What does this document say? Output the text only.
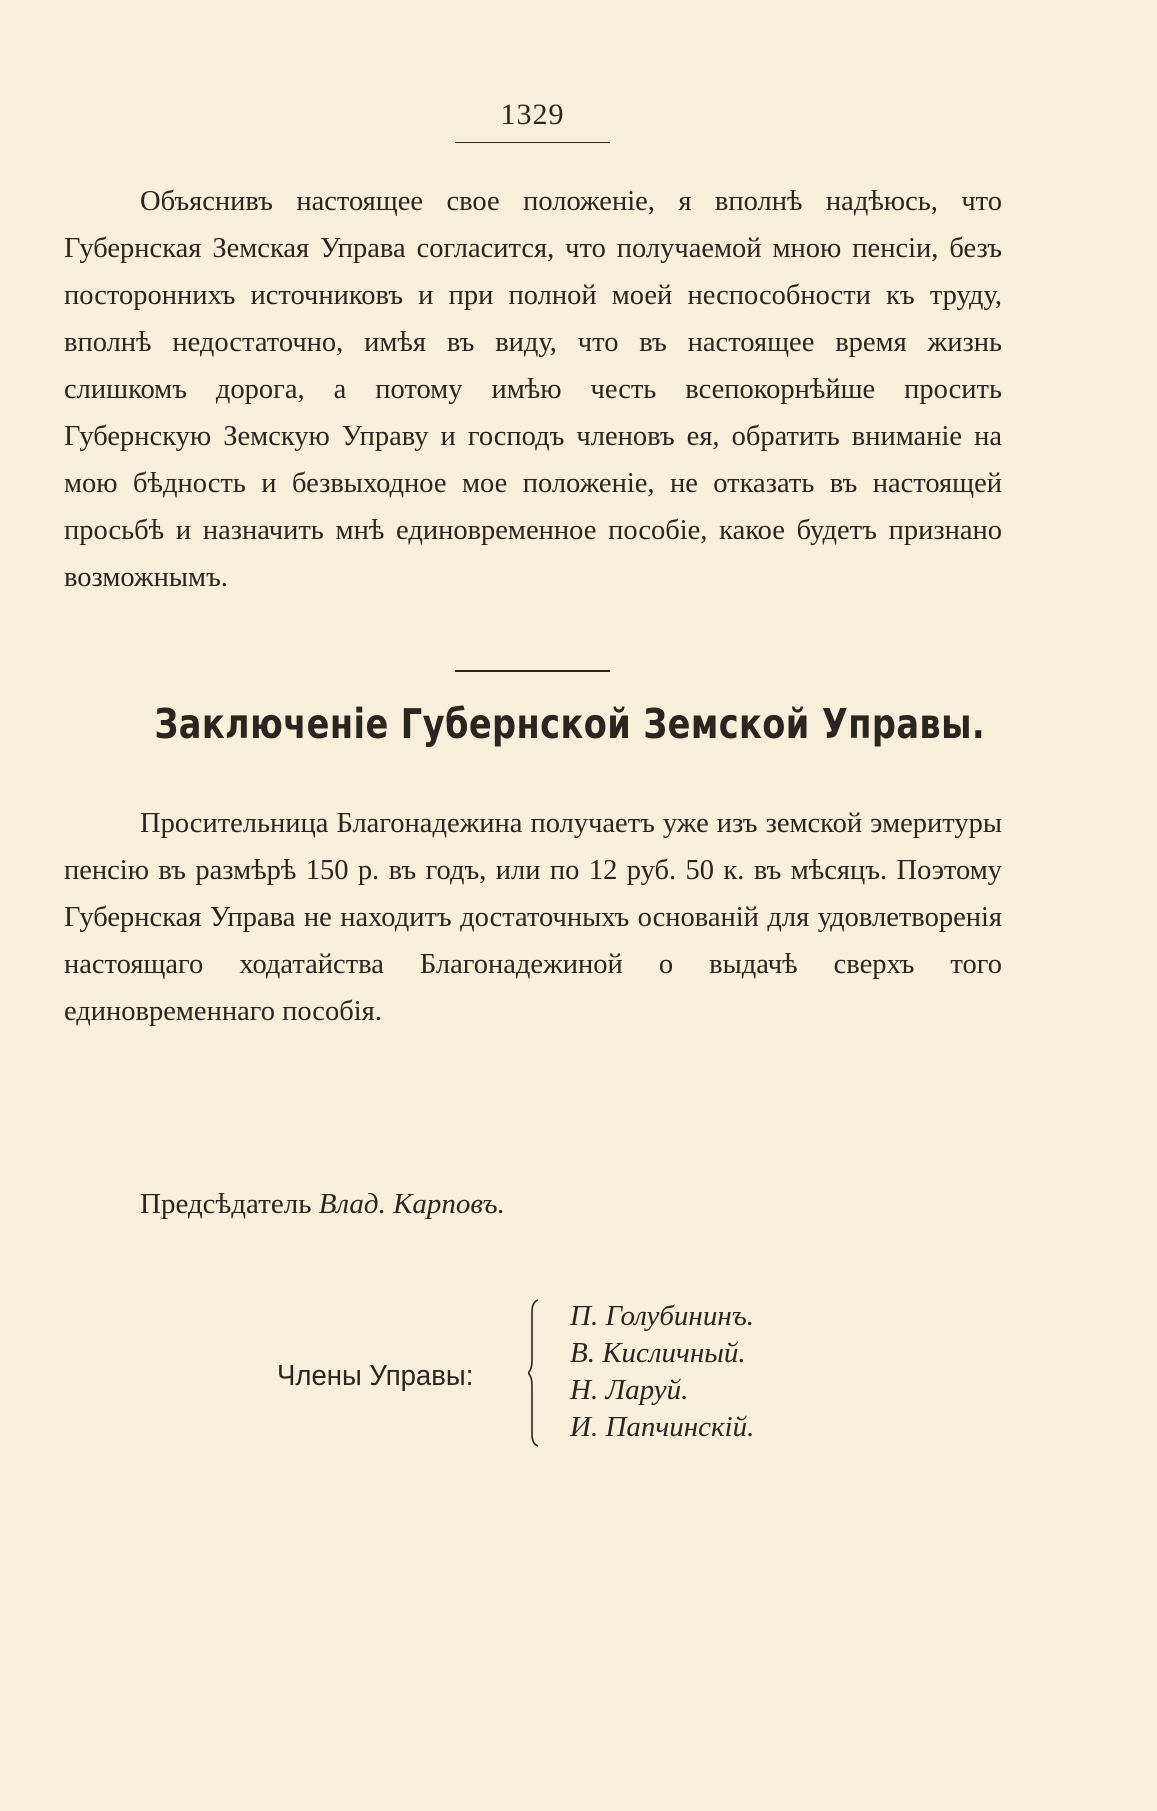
1329

Объяснивъ настоящее свое положеніе, я вполнѣ надѣюсь, что Губернская Земская Управа согласится, что получаемой мною пенсіи, безъ постороннихъ источниковъ и при полной моей неспособности къ труду, вполнѣ недостаточно, имѣя въ виду, что въ настоящее время жизнь слишкомъ дорога, а потому имѣю честь всепокорнѣйше просить Губернскую Земскую Управу и господъ членовъ ея, обратить вниманіе на мою бѣдность и безвыходное мое положеніе, не отказать въ настоящей просьбѣ и назначить мнѣ единовременное пособіе, какое будетъ признано возможнымъ.

Заключеніе Губернской Земской Управы.

Просительница Благонадежина получаетъ уже изъ земской эмеритуры пенсію въ размѣрѣ 150 р. въ годъ, или по 12 руб. 50 к. въ мѣсяцъ. Поэтому Губернская Управа не находитъ достаточныхъ основаній для удовлетворенія настоящаго ходатайства Благонадежиной о выдачѣ сверхъ того единовременнаго пособія.

Предсѣдатель Влад. Карповъ.
Члены Управы:
П. Голубининъ.
В. Кисличный.
Н. Ларуй.
И. Папчинскій.
